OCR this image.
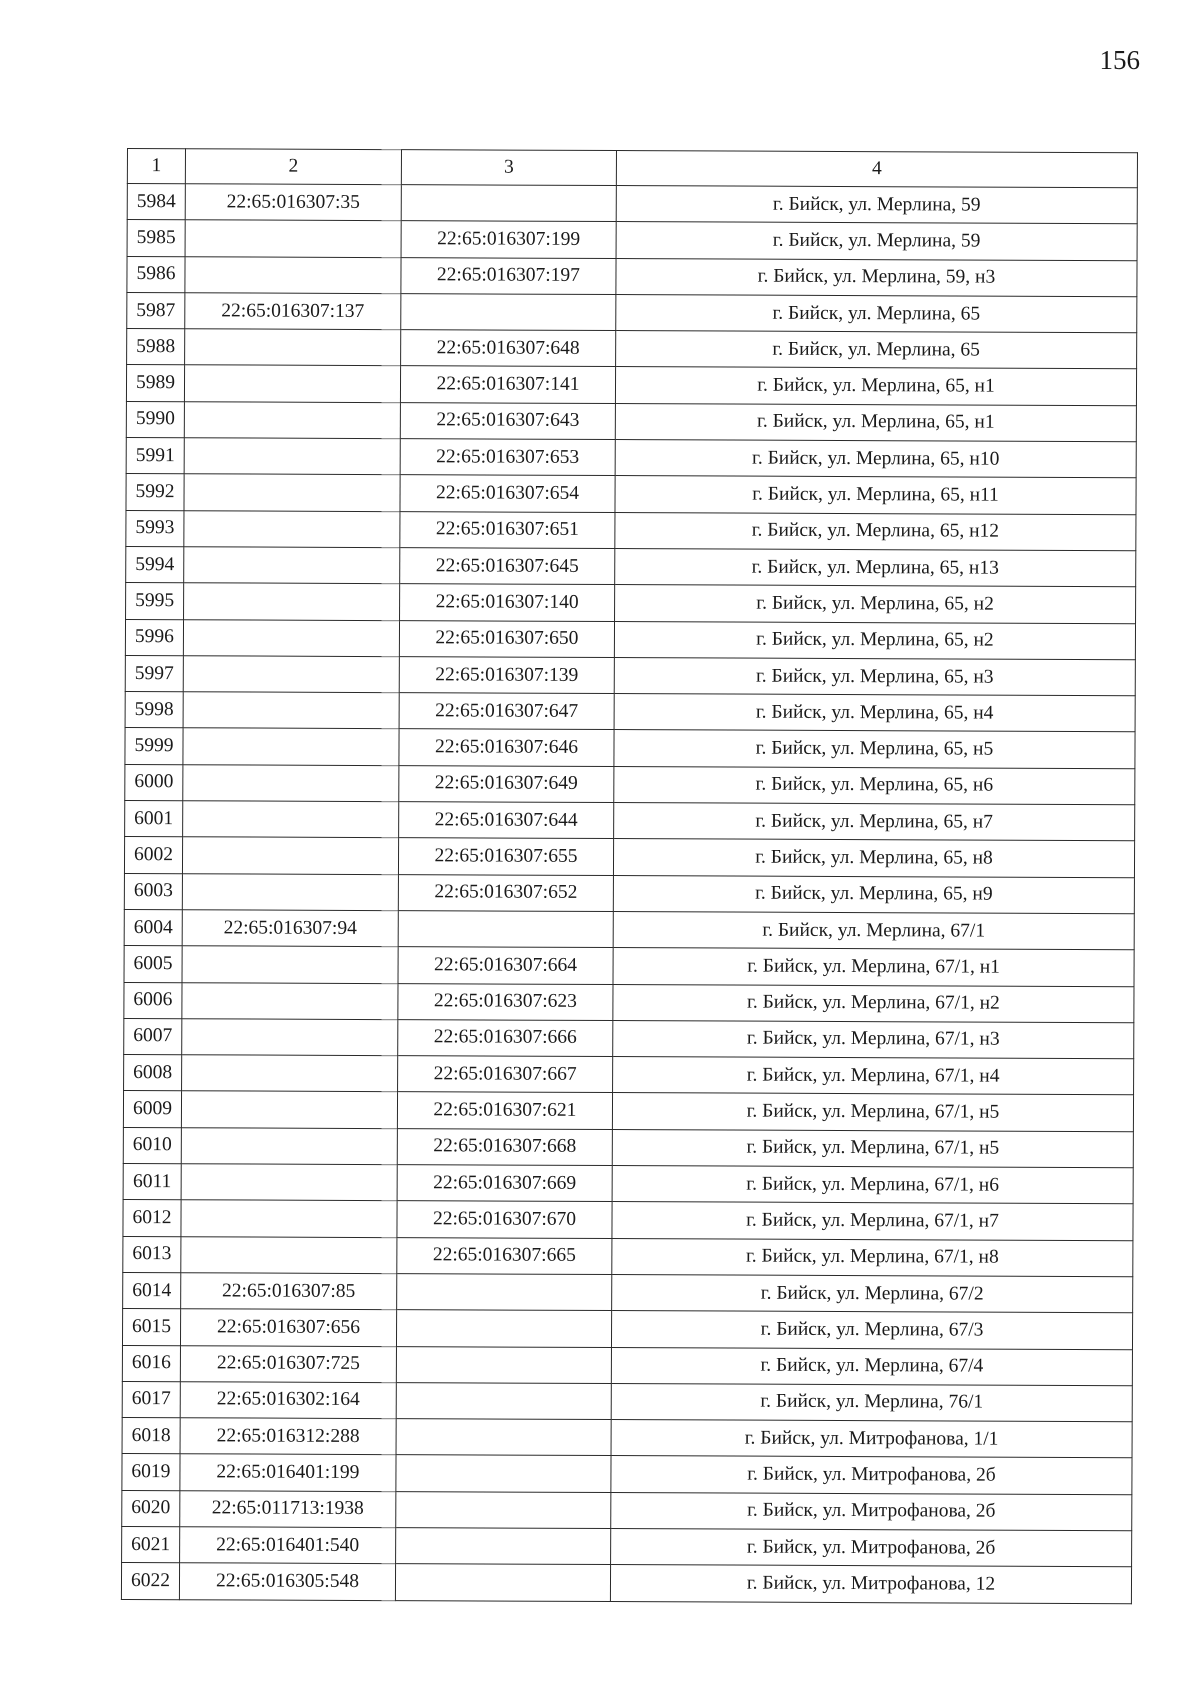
156
1	2	3	4
5984	22:65:016307:35		г. Бийск, ул. Мерлина, 59
5985		22:65:016307:199	г. Бийск, ул. Мерлина, 59
5986		22:65:016307:197	г. Бийск, ул. Мерлина, 59, н3
5987	22:65:016307:137		г. Бийск, ул. Мерлина, 65
5988		22:65:016307:648	г. Бийск, ул. Мерлина, 65
5989		22:65:016307:141	г. Бийск, ул. Мерлина, 65, н1
5990		22:65:016307:643	г. Бийск, ул. Мерлина, 65, н1
5991		22:65:016307:653	г. Бийск, ул. Мерлина, 65, н10
5992		22:65:016307:654	г. Бийск, ул. Мерлина, 65, н11
5993		22:65:016307:651	г. Бийск, ул. Мерлина, 65, н12
5994		22:65:016307:645	г. Бийск, ул. Мерлина, 65, н13
5995		22:65:016307:140	г. Бийск, ул. Мерлина, 65, н2
5996		22:65:016307:650	г. Бийск, ул. Мерлина, 65, н2
5997		22:65:016307:139	г. Бийск, ул. Мерлина, 65, н3
5998		22:65:016307:647	г. Бийск, ул. Мерлина, 65, н4
5999		22:65:016307:646	г. Бийск, ул. Мерлина, 65, н5
6000		22:65:016307:649	г. Бийск, ул. Мерлина, 65, н6
6001		22:65:016307:644	г. Бийск, ул. Мерлина, 65, н7
6002		22:65:016307:655	г. Бийск, ул. Мерлина, 65, н8
6003		22:65:016307:652	г. Бийск, ул. Мерлина, 65, н9
6004	22:65:016307:94		г. Бийск, ул. Мерлина, 67/1
6005		22:65:016307:664	г. Бийск, ул. Мерлина, 67/1, н1
6006		22:65:016307:623	г. Бийск, ул. Мерлина, 67/1, н2
6007		22:65:016307:666	г. Бийск, ул. Мерлина, 67/1, н3
6008		22:65:016307:667	г. Бийск, ул. Мерлина, 67/1, н4
6009		22:65:016307:621	г. Бийск, ул. Мерлина, 67/1, н5
6010		22:65:016307:668	г. Бийск, ул. Мерлина, 67/1, н5
6011		22:65:016307:669	г. Бийск, ул. Мерлина, 67/1, н6
6012		22:65:016307:670	г. Бийск, ул. Мерлина, 67/1, н7
6013		22:65:016307:665	г. Бийск, ул. Мерлина, 67/1, н8
6014	22:65:016307:85		г. Бийск, ул. Мерлина, 67/2
6015	22:65:016307:656		г. Бийск, ул. Мерлина, 67/3
6016	22:65:016307:725		г. Бийск, ул. Мерлина, 67/4
6017	22:65:016302:164		г. Бийск, ул. Мерлина, 76/1
6018	22:65:016312:288		г. Бийск, ул. Митрофанова, 1/1
6019	22:65:016401:199		г. Бийск, ул. Митрофанова, 2б
6020	22:65:011713:1938		г. Бийск, ул. Митрофанова, 2б
6021	22:65:016401:540		г. Бийск, ул. Митрофанова, 2б
6022	22:65:016305:548		г. Бийск, ул. Митрофанова, 12
